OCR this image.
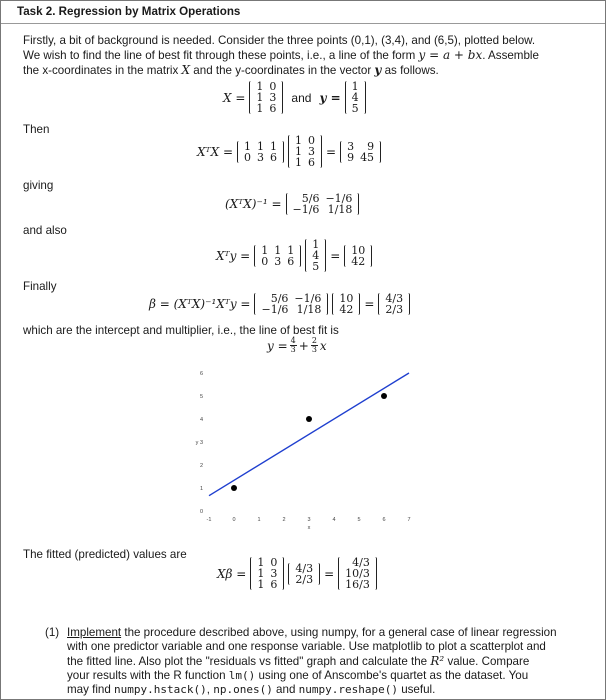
Task 2. Regression by Matrix Operations
Firstly, a bit of background is needed. Consider the three points (0,1), (3,4), and (6,5), plotted below.
We wish to find the line of best fit through these points, i.e., a line of the form y = a + bx. Assemble
the x-coordinates in the matrix X and the y-coordinates in the vector y as follows.
X =
1	0
1	3
1	6
and y =
1
4
5
Then
XᵀX = 1	1	1
0	3	6
1	0
1	3
1	6
= 3	9
9	45
giving
(XᵀX)⁻¹ = 5/6	−1/6
−1/6	1/18
and also
Xᵀy = 1	1	1
0	3	6
1
4
5
= 10
42
Finally
β = (XᵀX)⁻¹Xᵀy = 5/6	−1/6
−1/6	1/18
10
42 = 4/3
2/3
which are the intercept and multiplier, i.e., the line of best fit is
$y = \frac{4}{3} + \frac{2}{3}$ x
-1	0	1	2	3	4	5	6	7
0
1
2
3
4
5
6
x
y
The fitted (predicted) values are
Xβ =
1	0
1	3
1	6
4/3
2/3 =
4/3
10/3
16/3
(1) Implement the procedure described above, using numpy, for a general case of linear regression
with one predictor variable and one response variable. Use matplotlib to plot a scatterplot and
the fitted line. Also plot the "residuals vs fitted" graph and calculate the R² value. Compare
your results with the R function lm() using one of Anscombe's quartet as the dataset. You
may find numpy.hstack(), np.ones() and numpy.reshape() useful.
